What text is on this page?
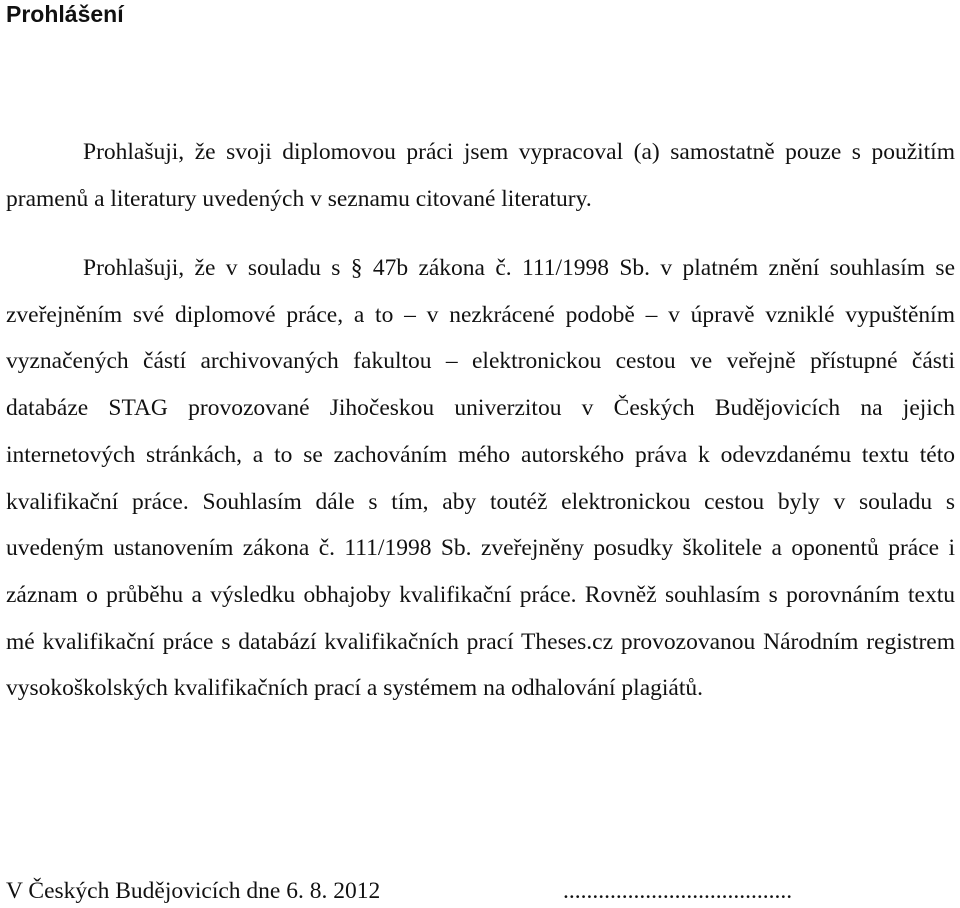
Prohlášení

Prohlašuji, že svoji diplomovou práci jsem vypracoval (a) samostatně pouze s použitím pramenů a literatury uvedených v seznamu citované literatury.

Prohlašuji, že v souladu s § 47b zákona č. 111/1998 Sb. v platném znění souhlasím se zveřejněním své diplomové práce, a to – v nezkrácené podobě – v úpravě vzniklé vypuštěním vyznačených částí archivovaných fakultou – elektronickou cestou ve veřejně přístupné části databáze STAG provozované Jihočeskou univerzitou v Českých Budějovicích na jejich internetových stránkách, a to se zachováním mého autorského práva k odevzdanému textu této kvalifikační práce. Souhlasím dále s tím, aby toutéž elektronickou cestou byly v souladu s uvedeným ustanovením zákona č. 111/1998 Sb. zveřejněny posudky školitele a oponentů práce i záznam o průběhu a výsledku obhajoby kvalifikační práce. Rovněž souhlasím s porovnáním textu mé kvalifikační práce s databází kvalifikačních prací Theses.cz provozovanou Národním registrem vysokoškolských kvalifikačních prací a systémem na odhalování plagiátů.

V Českých Budějovicích dne 6. 8. 2012	.......................................
